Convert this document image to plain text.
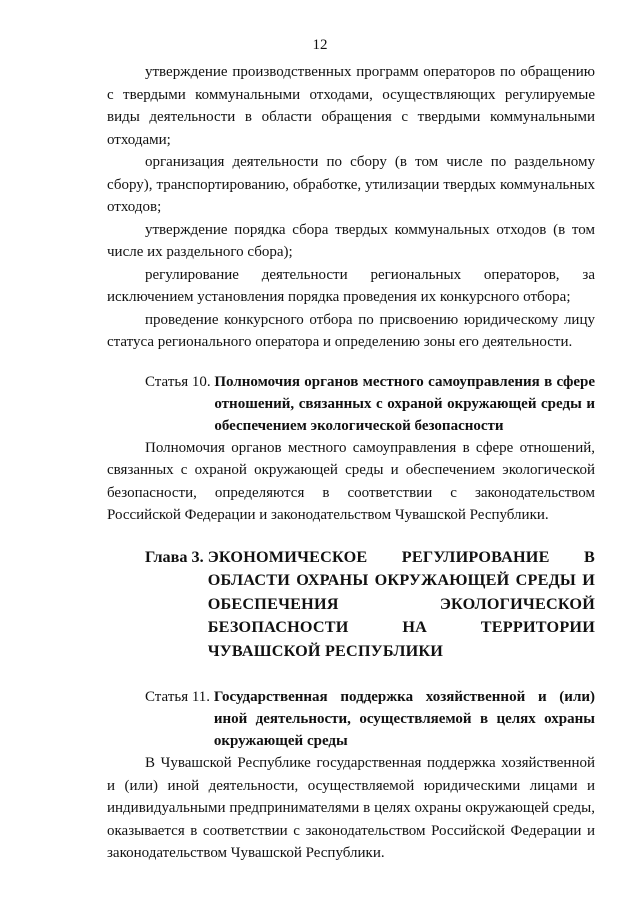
12

утверждение производственных программ операторов по обращению с твердыми коммунальными отходами, осуществляющих регулируемые виды деятельности в области обращения с твердыми коммунальными отходами;

организация деятельности по сбору (в том числе по раздельному сбору), транспортированию, обработке, утилизации твердых коммунальных отходов;

утверждение порядка сбора твердых коммунальных отходов (в том числе их раздельного сбора);

регулирование деятельности региональных операторов, за исключением установления порядка проведения их конкурсного отбора;

проведение конкурсного отбора по присвоению юридическому лицу статуса регионального оператора и определению зоны его деятельности.

Статья 10. Полномочия органов местного самоуправления в сфере отношений, связанных с охраной окружающей среды и обеспечением экологической безопасности

Полномочия органов местного самоуправления в сфере отношений, связанных с охраной окружающей среды и обеспечением экологической безопасности, определяются в соответствии с законодательством Российской Федерации и законодательством Чувашской Республики.

Глава 3. ЭКОНОМИЧЕСКОЕ РЕГУЛИРОВАНИЕ В ОБЛАСТИ ОХРАНЫ ОКРУЖАЮЩЕЙ СРЕДЫ И ОБЕСПЕЧЕНИЯ ЭКОЛОГИЧЕСКОЙ БЕЗОПАСНОСТИ НА ТЕРРИТОРИИ ЧУВАШСКОЙ РЕСПУБЛИКИ
Статья 11. Государственная поддержка хозяйственной и (или) иной деятельности, осуществляемой в целях охраны окружающей среды

В Чувашской Республике государственная поддержка хозяйственной и (или) иной деятельности, осуществляемой юридическими лицами и индивидуальными предпринимателями в целях охраны окружающей среды, оказывается в соответствии с законодательством Российской Федерации и законодательством Чувашской Республики.
